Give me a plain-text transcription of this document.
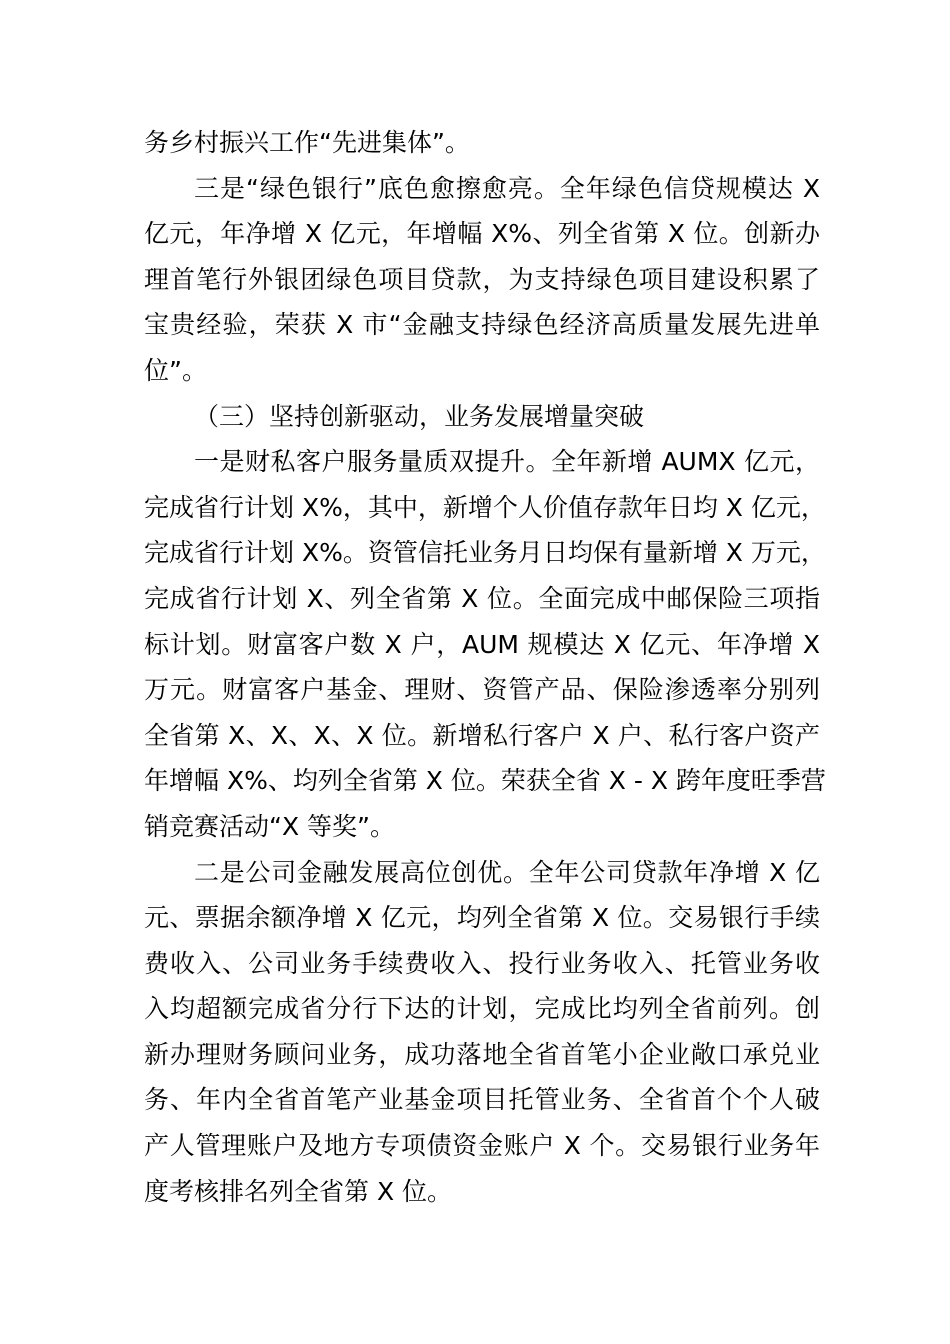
务乡村振兴工作“先进集体”。
三是“绿色银行”底色愈擦愈亮。全年绿色信贷规模达 X
亿元，年净增 X 亿元，年增幅 X%、列全省第 X 位。创新办
理首笔行外银团绿色项目贷款，为支持绿色项目建设积累了
宝贵经验，荣获 X 市“金融支持绿色经济高质量发展先进单
位”。
（三）坚持创新驱动，业务发展增量突破
一是财私客户服务量质双提升。全年新增 AUMX 亿元，
完成省行计划 X%，其中，新增个人价值存款年日均 X 亿元，
完成省行计划 X%。资管信托业务月日均保有量新增 X 万元，
完成省行计划 X、列全省第 X 位。全面完成中邮保险三项指
标计划。财富客户数 X 户，AUM 规模达 X 亿元、年净增 X
万元。财富客户基金、理财、资管产品、保险渗透率分别列
全省第 X、X、X、X 位。新增私行客户 X 户、私行客户资产
年增幅 X%、均列全省第 X 位。荣获全省 X - X 跨年度旺季营
销竞赛活动“X 等奖”。
二是公司金融发展高位创优。全年公司贷款年净增 X 亿
元、票据余额净增 X 亿元，均列全省第 X 位。交易银行手续
费收入、公司业务手续费收入、投行业务收入、托管业务收
入均超额完成省分行下达的计划，完成比均列全省前列。创
新办理财务顾问业务，成功落地全省首笔小企业敞口承兑业
务、年内全省首笔产业基金项目托管业务、全省首个个人破
产人管理账户及地方专项债资金账户 X 个。交易银行业务年
度考核排名列全省第 X 位。
